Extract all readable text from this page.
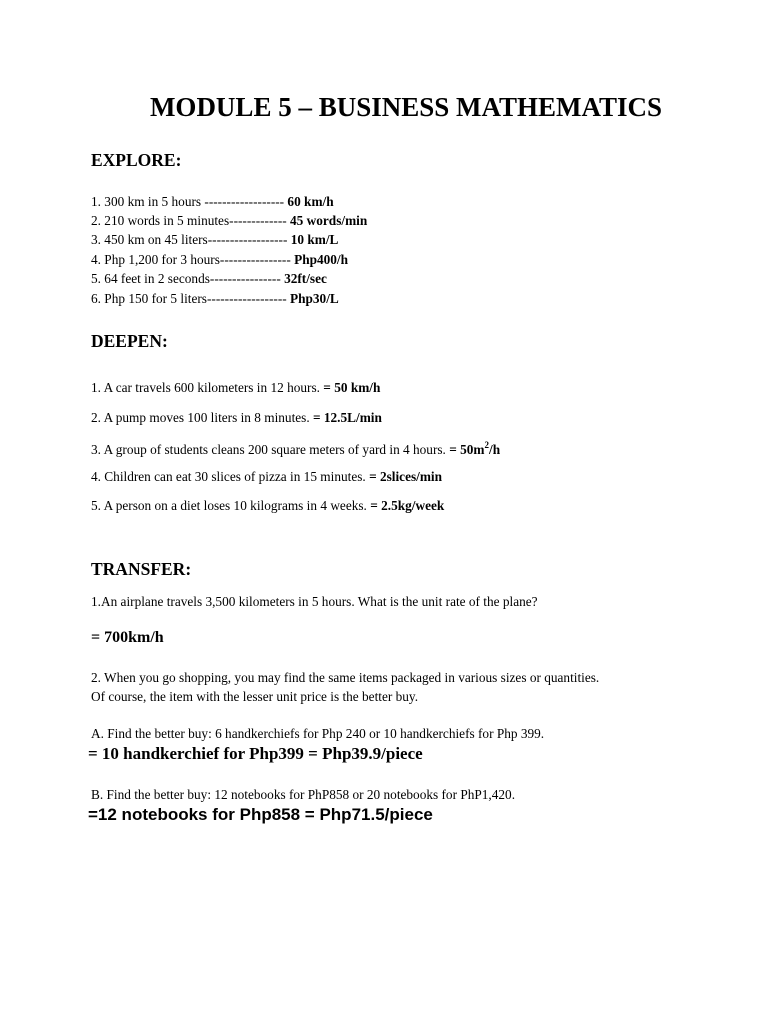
MODULE 5 – BUSINESS MATHEMATICS
EXPLORE:
1. 300 km in 5 hours ------------------ 60 km/h
2. 210 words in 5 minutes------------- 45 words/min
3. 450 km on 45 liters------------------ 10 km/L
4. Php 1,200 for 3 hours---------------- Php400/h
5. 64 feet in 2 seconds---------------- 32ft/sec
6. Php 150 for 5 liters------------------ Php30/L
DEEPEN:
1. A car travels 600 kilometers in 12 hours. = 50 km/h
2. A pump moves 100 liters in 8 minutes. = 12.5L/min
3. A group of students cleans 200 square meters of yard in 4 hours. = $50m^2/h$
4. Children can eat 30 slices of pizza in 15 minutes. = 2slices/min
5. A person on a diet loses 10 kilograms in 4 weeks. = 2.5kg/week
TRANSFER:
1.An airplane travels 3,500 kilometers in 5 hours. What is the unit rate of the plane?
= 700km/h
2. When you go shopping, you may find the same items packaged in various sizes or quantities.
Of course, the item with the lesser unit price is the better buy.
A. Find the better buy: 6 handkerchiefs for Php 240 or 10 handkerchiefs for Php 399.
= 10 handkerchief for Php399 = Php39.9/piece
B. Find the better buy: 12 notebooks for PhP858 or 20 notebooks for PhP1,420.
=12 notebooks for Php858 = Php71.5/piece
